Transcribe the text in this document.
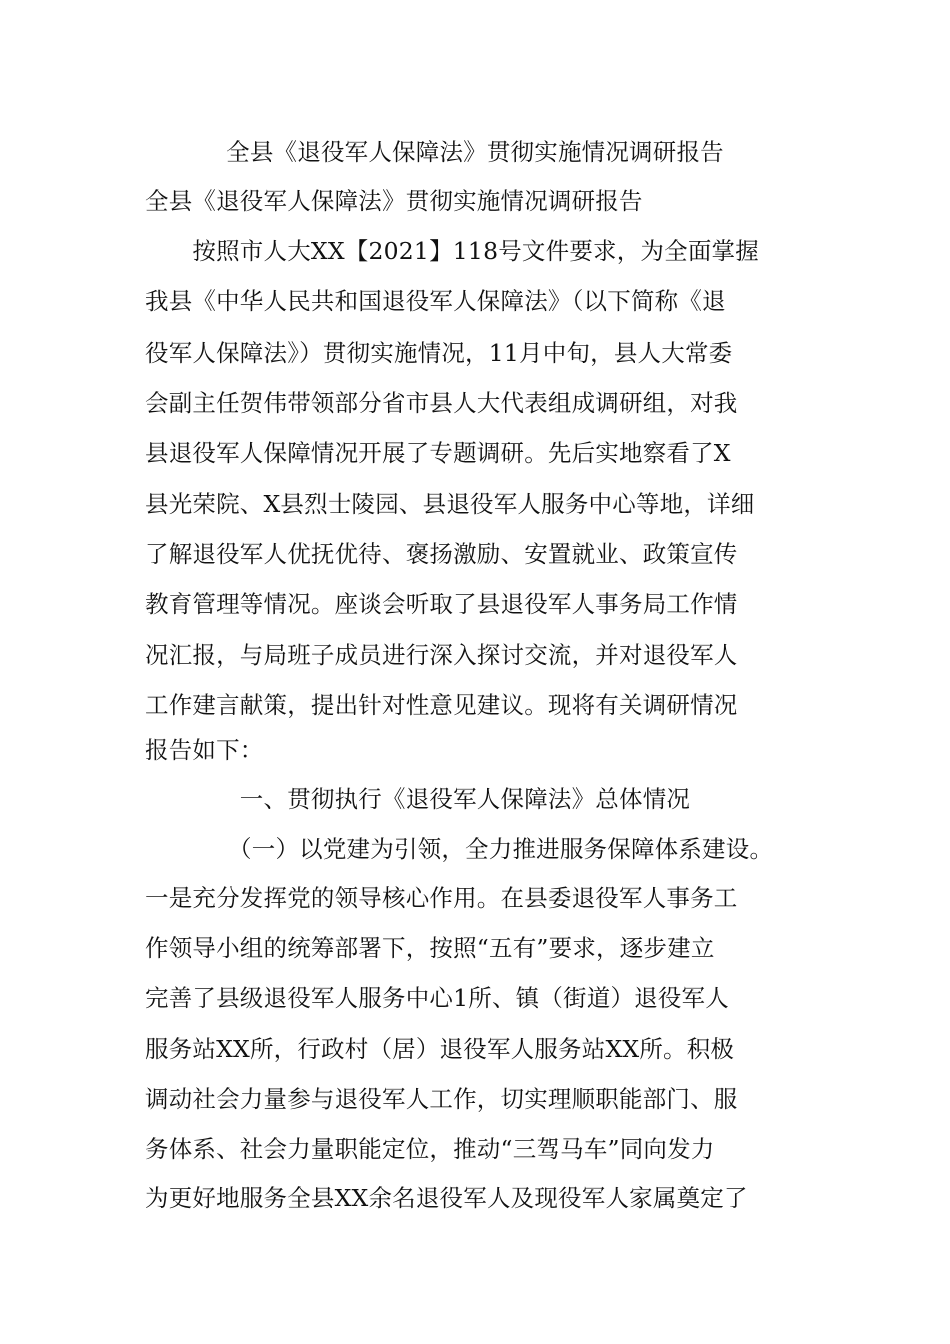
全县《退役军人保障法》贯彻实施情况调研报告
全县《退役军人保障法》贯彻实施情况调研报告
　　按照市人大XX【2021】118号文件要求，为全面掌握
我县《中华人民共和国退役军人保障法》（以下简称《退
役军人保障法》）贯彻实施情况，11月中旬，县人大常委
会副主任贺伟带领部分省市县人大代表组成调研组，对我
县退役军人保障情况开展了专题调研。先后实地察看了X
县光荣院、X县烈士陵园、县退役军人服务中心等地，详细
了解退役军人优抚优待、褒扬激励、安置就业、政策宣传
教育管理等情况。座谈会听取了县退役军人事务局工作情
况汇报，与局班子成员进行深入探讨交流，并对退役军人
工作建言献策，提出针对性意见建议。现将有关调研情况
报告如下：
　　　　一、贯彻执行《退役军人保障法》总体情况
　　　　（一）以党建为引领，全力推进服务保障体系建设。
一是充分发挥党的领导核心作用。在县委退役军人事务工
作领导小组的统筹部署下，按照“五有”要求，逐步建立
完善了县级退役军人服务中心1所、镇（街道）退役军人
服务站XX所，行政村（居）退役军人服务站XX所。积极
调动社会力量参与退役军人工作，切实理顺职能部门、服
务体系、社会力量职能定位，推动“三驾马车”同向发力
为更好地服务全县XX余名退役军人及现役军人家属奠定了
